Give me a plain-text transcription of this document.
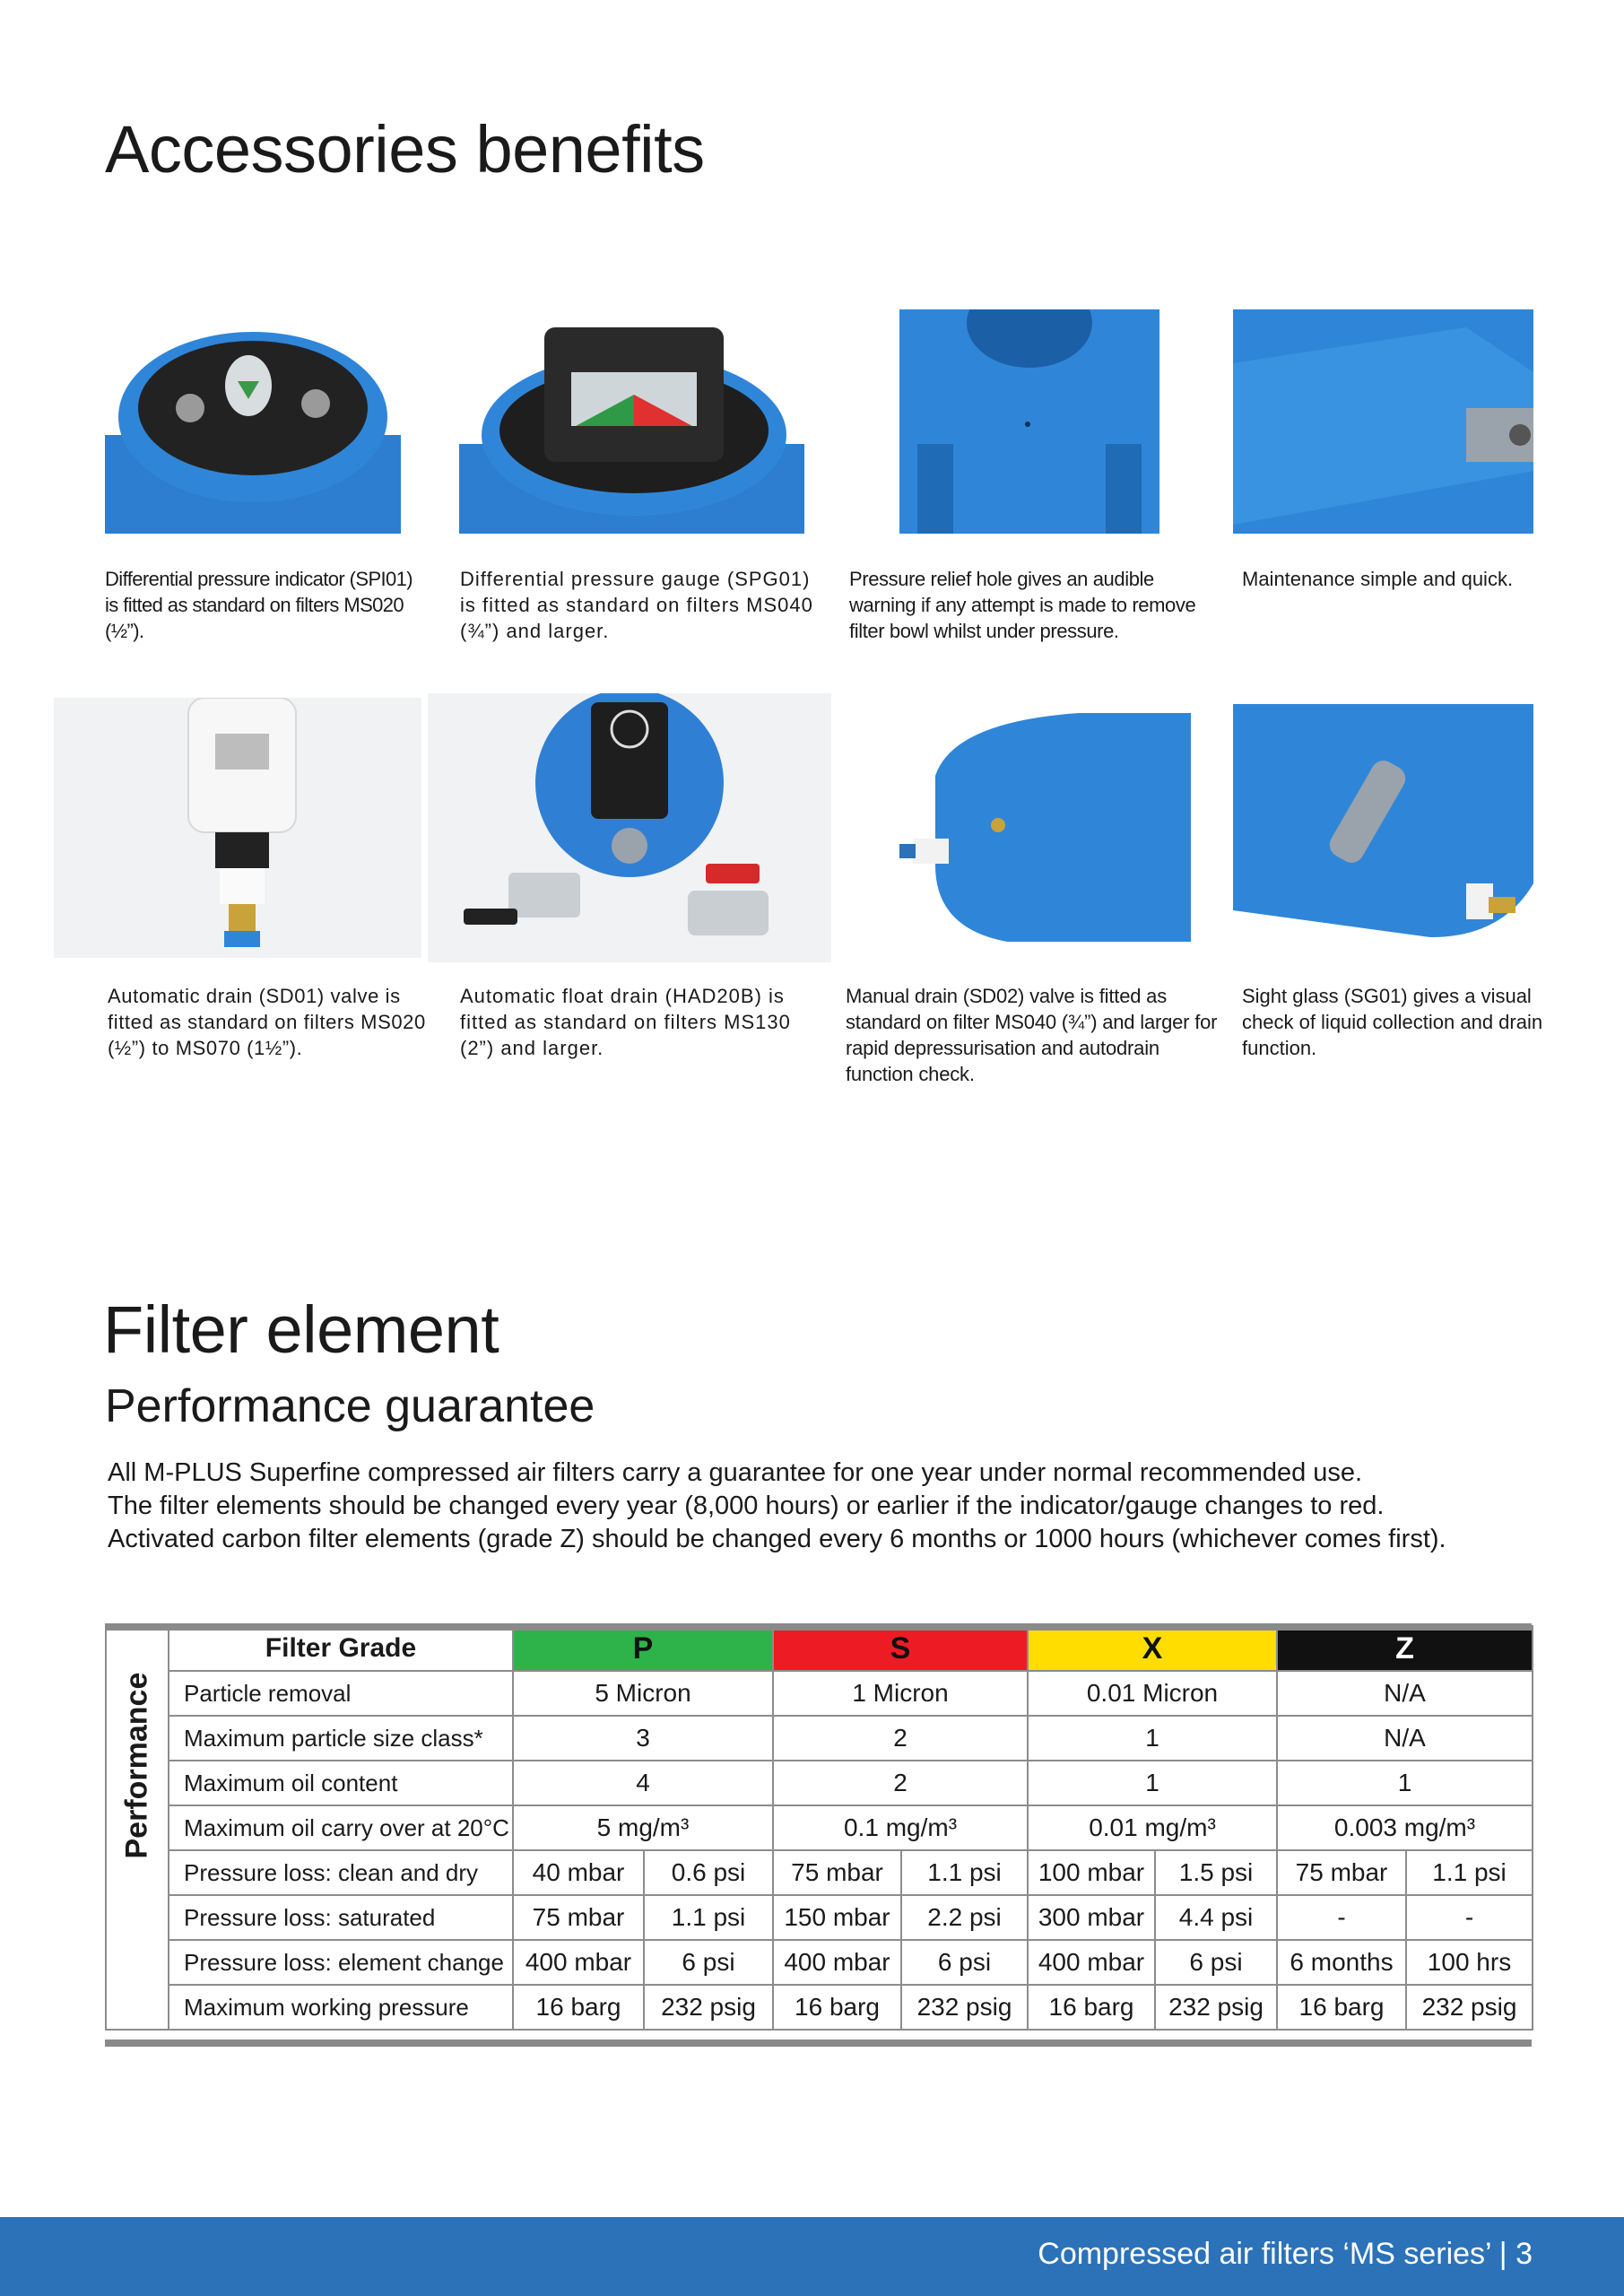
Accessories benefits
Differential pressure indicator (SPI01) is fitted as standard on filters MS020 (½”).
Differential pressure gauge (SPG01) is fitted as standard on filters MS040 (¾”) and larger.
Pressure relief hole gives an audible warning if any attempt is made to remove filter bowl whilst under pressure.
Maintenance simple and quick.
Automatic drain (SD01) valve is fitted as standard on filters MS020 (½”) to MS070 (1½”).
Automatic float drain (HAD20B) is fitted as standard on filters MS130 (2”) and larger.
Manual drain (SD02) valve is fitted as standard on filter MS040 (¾”) and larger for rapid depressurisation and autodrain function check.
Sight glass (SG01) gives a visual check of liquid collection and drain function.
Filter element
Performance guarantee
All M-PLUS Superfine compressed air filters carry a guarantee for one year under normal recommended use.
The filter elements should be changed every year (8,000 hours) or earlier if the indicator/gauge changes to red.
Activated carbon filter elements (grade Z) should be changed every 6 months or 1000 hours (whichever comes first).
Performance	Filter Grade	P		S		X		Z	
	Particle removal	5 Micron		1 Micron		0.01 Micron		N/A	
	Maximum particle size class*	3		2		1		N/A	
	Maximum oil content	4		2		1		1	
	Maximum oil carry over at 20°C	5 mg/m³		0.1 mg/m³		0.01 mg/m³		0.003 mg/m³	
	Pressure loss: clean and dry	40 mbar	0.6 psi	75 mbar	1.1 psi	100 mbar	1.5 psi	75 mbar	1.1 psi
	Pressure loss: saturated	75 mbar	1.1 psi	150 mbar	2.2 psi	300 mbar	4.4 psi	-	-
	Pressure loss: element change	400 mbar	6 psi	400 mbar	6 psi	400 mbar	6 psi	6 months	100 hrs
	Maximum working pressure	16 barg	232 psig	16 barg	232 psig	16 barg	232 psig	16 barg	232 psig
Compressed air filters ‘MS series’ | 3
